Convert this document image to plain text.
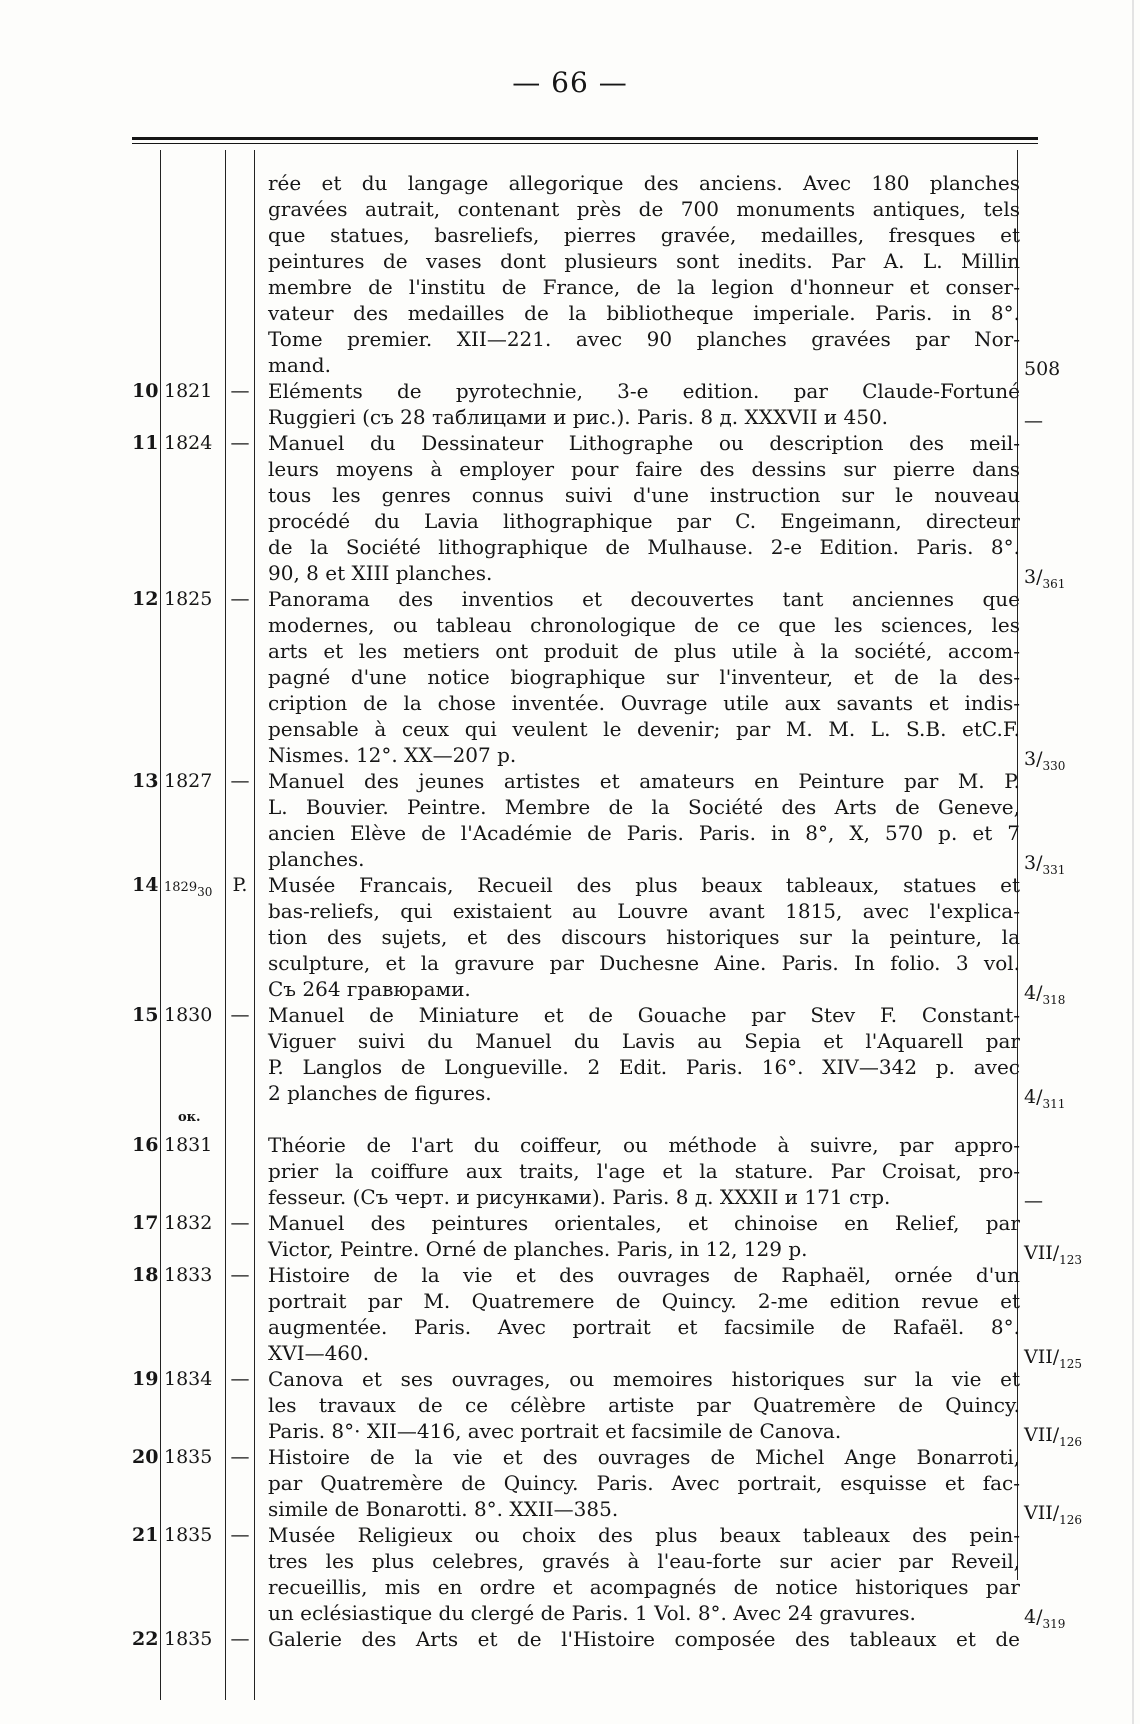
— 66 —
rée et du langage allegorique des anciens. Avec 180 planches
gravées autrait, contenant près de 700 monuments antiques, tels
que statues, basreliefs, pierres gravée, medailles, fresques et
peintures de vases dont plusieurs sont inedits. Par A. L. Millin
membre de l'institu de France, de la legion d'honneur et conser-
vateur des medailles de la bibliotheque imperiale. Paris. in 8°.
Tome premier. XII—221. avec 90 planches gravées par Nor-
mand.
Eléments de pyrotechnie, 3-e edition. par Claude-Fortuné
Ruggieri (съ 28 таблицами и рис.). Paris. 8 д. XXXVII и 450.
Manuel du Dessinateur Lithographe ou description des meil-
leurs moyens à employer pour faire des dessins sur pierre dans
tous les genres connus suivi d'une instruction sur le nouveau
procédé du Lavia lithographique par C. Engeimann, directeur
de la Société lithographique de Mulhause. 2-e Edition. Paris. 8°.
90, 8 et XIII planches.
Panorama des inventios et decouvertes tant anciennes que
modernes, ou tableau chronologique de ce que les sciences, les
arts et les metiers ont produit de plus utile à la société, accom-
pagné d'une notice biographique sur l'inventeur, et de la des-
cription de la chose inventée. Ouvrage utile aux savants et indis-
pensable à ceux qui veulent le devenir; par M. M. L. S.B. etC.F.
Nismes. 12°. XX—207 p.
Manuel des jeunes artistes et amateurs en Peinture par M. P.
L. Bouvier. Peintre. Membre de la Société des Arts de Geneve,
ancien Elève de l'Académie de Paris. Paris. in 8°, X, 570 p. et 7
planches.
Musée Francais, Recueil des plus beaux tableaux, statues et
bas-reliefs, qui existaient au Louvre avant 1815, avec l'explica-
tion des sujets, et des discours historiques sur la peinture, la
sculpture, et la gravure par Duchesne Aine. Paris. In folio. 3 vol.
Съ 264 гравюрами.
Manuel de Miniature et de Gouache par Stev F. Constant-
Viguer suivi du Manuel du Lavis au Sepia et l'Aquarell par
P. Langlos de Longueville. 2 Edit. Paris. 16°. XIV—342 p. avec
2 planches de figures.
Théorie de l'art du coiffeur, ou méthode à suivre, par appro-
prier la coiffure aux traits, l'age et la stature. Par Croisat, pro-
fesseur. (Съ черт. и рисунками). Paris. 8 д. XXXII и 171 стр.
Manuel des peintures orientales, et chinoise en Relief, par
Victor, Peintre. Orné de planches. Paris, in 12, 129 p.
Histoire de la vie et des ouvrages de Raphaël, ornée d'un
portrait par M. Quatremere de Quincy. 2-me edition revue et
augmentée. Paris. Avec portrait et facsimile de Rafaël. 8°.
XVI—460.
Canova et ses ouvrages, ou memoires historiques sur la vie et
les travaux de ce célèbre artiste par Quatremère de Quincy.
Paris. 8°· XII—416, avec portrait et facsimile de Canova.
Histoire de la vie et des ouvrages de Michel Ange Bonarroti,
par Quatremère de Quincy. Paris. Avec portrait, esquisse et fac-
simile de Bonarotti. 8°. XXII—385.
Musée Religieux ou choix des plus beaux tableaux des pein-
tres les plus celebres, gravés à l'eau-forte sur acier par Reveil,
recueillis, mis en ordre et acompagnés de notice historiques par
un eclésiastique du clergé de Paris. 1 Vol. 8°. Avec 24 gravures.
Galerie des Arts et de l'Histoire composée des tableaux et de
10 1821 —
11 1824 —
12 1825 —
13 1827 —
14 $1829_{30}$	P.
15 1830 —
16 1831
ок.
17 1832 —
18 1833 —
19 1834 —
20 1835 —
21 1835 —
22 1835 —
508
—
$3/_{361}$
$3/_{330}$
$3/_{331}$
$4/_{318}$
$4/_{311}$
—
VII/$_{123}$
VII/$_{125}$
VII/$_{126}$
VII/$_{126}$
$4/_{319}$
